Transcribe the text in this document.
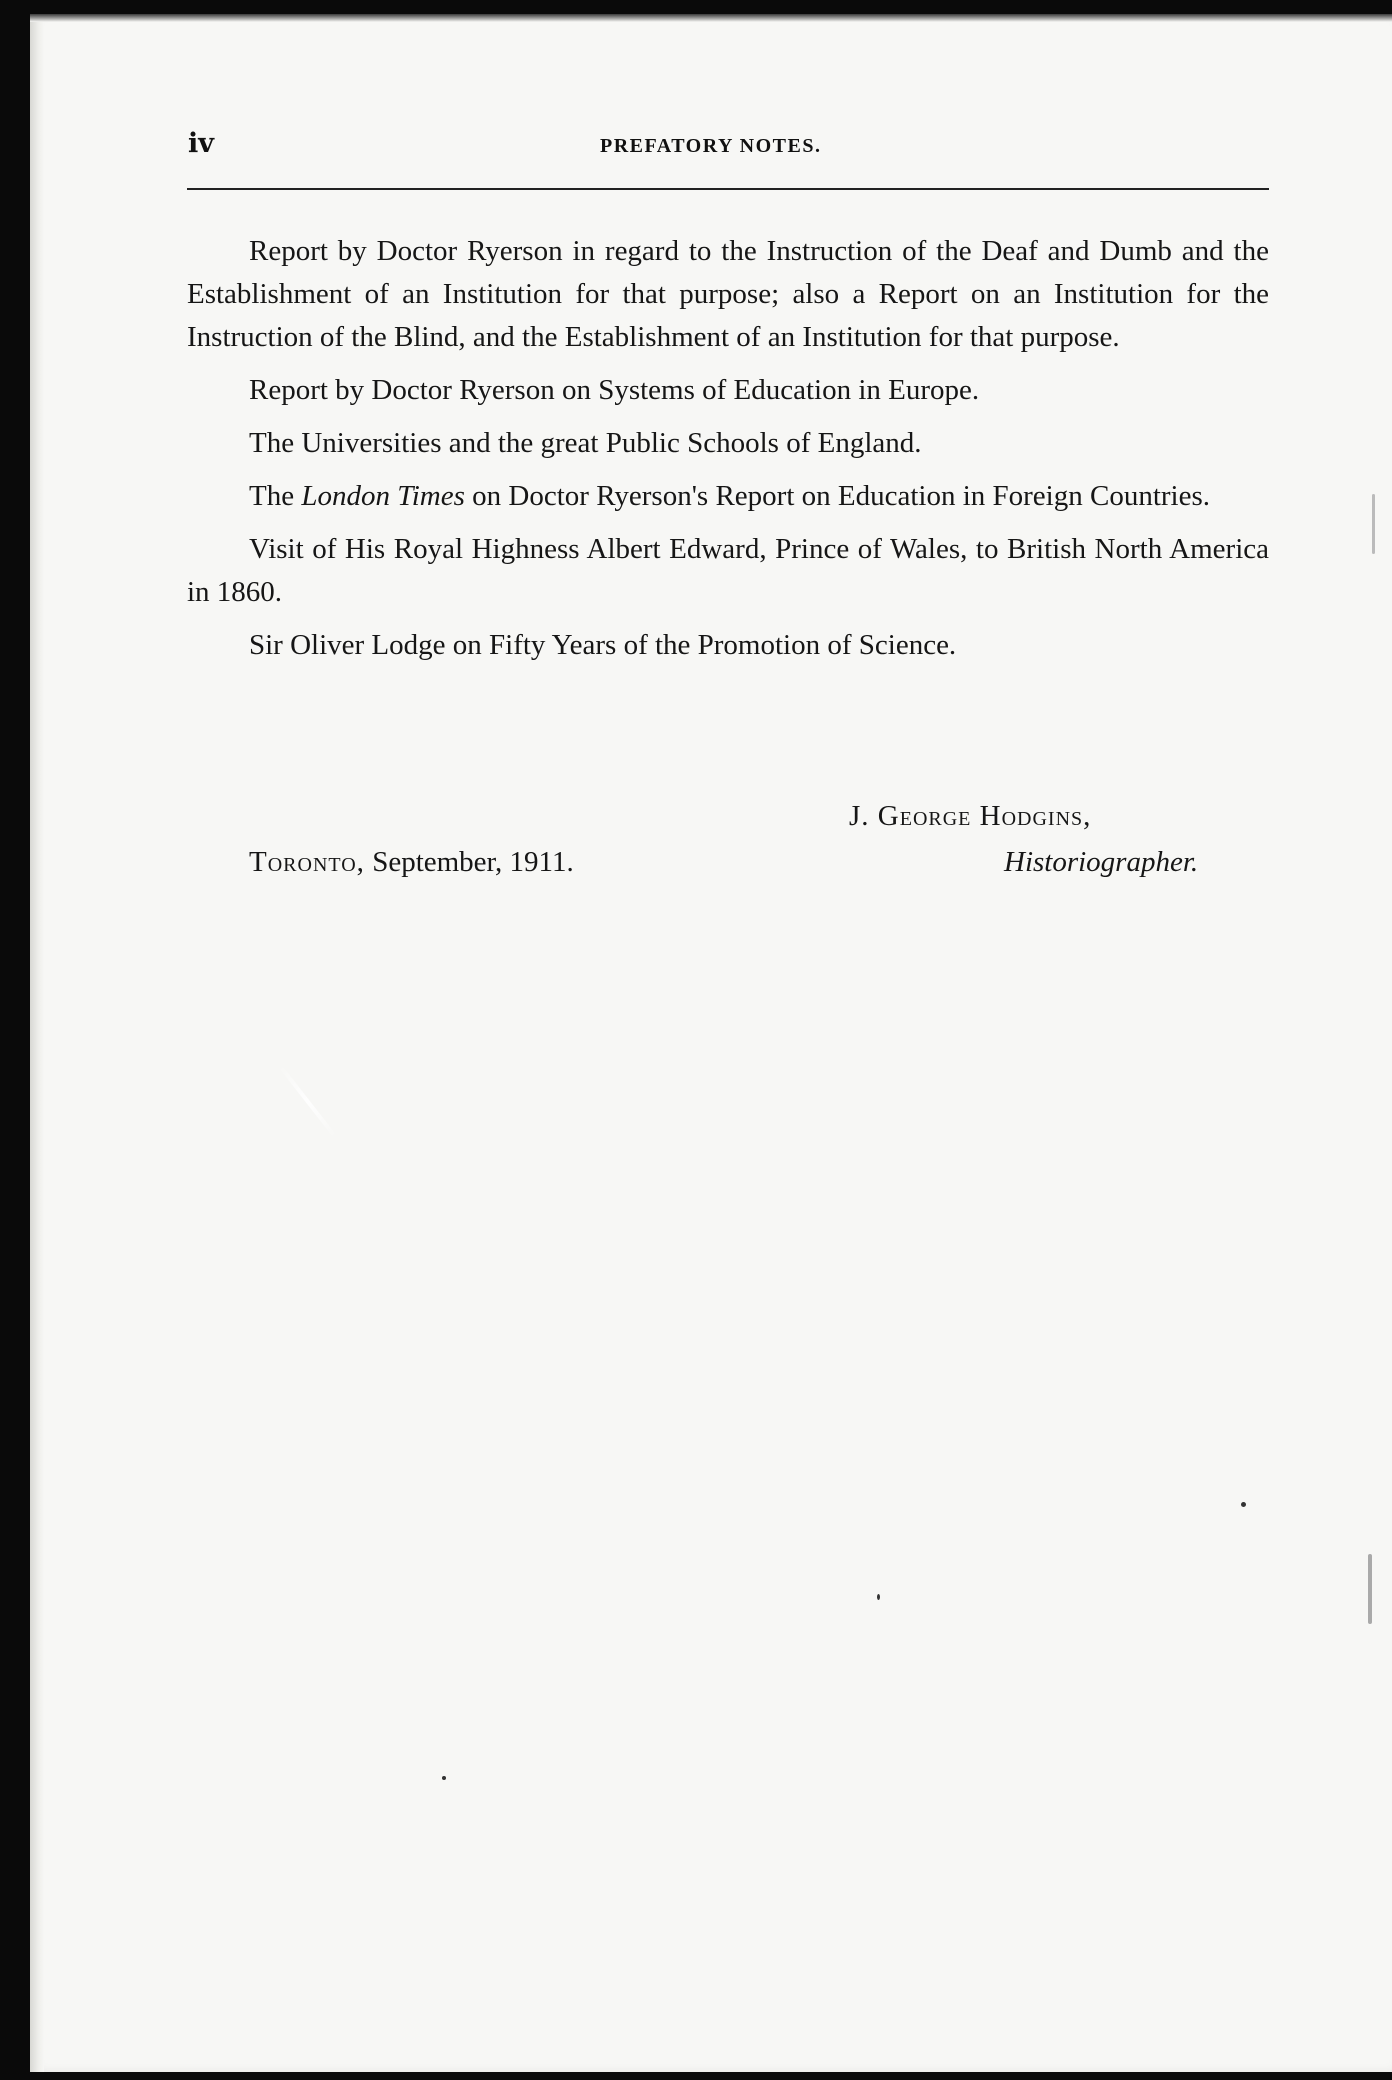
iv	PREFATORY NOTES.

Report by Doctor Ryerson in regard to the Instruction of the Deaf and Dumb and the Establishment of an Institution for that purpose; also a Report on an Institution for the Instruction of the Blind, and the Establishment of an Institution for that purpose.

Report by Doctor Ryerson on Systems of Education in Europe.

The Universities and the great Public Schools of England.

The London Times on Doctor Ryerson's Report on Education in Foreign Countries.

Visit of His Royal Highness Albert Edward, Prince of Wales, to British North America in 1860.

Sir Oliver Lodge on Fifty Years of the Promotion of Science.

J. George Hodgins,
Toronto, September, 1911.	Historiographer.
